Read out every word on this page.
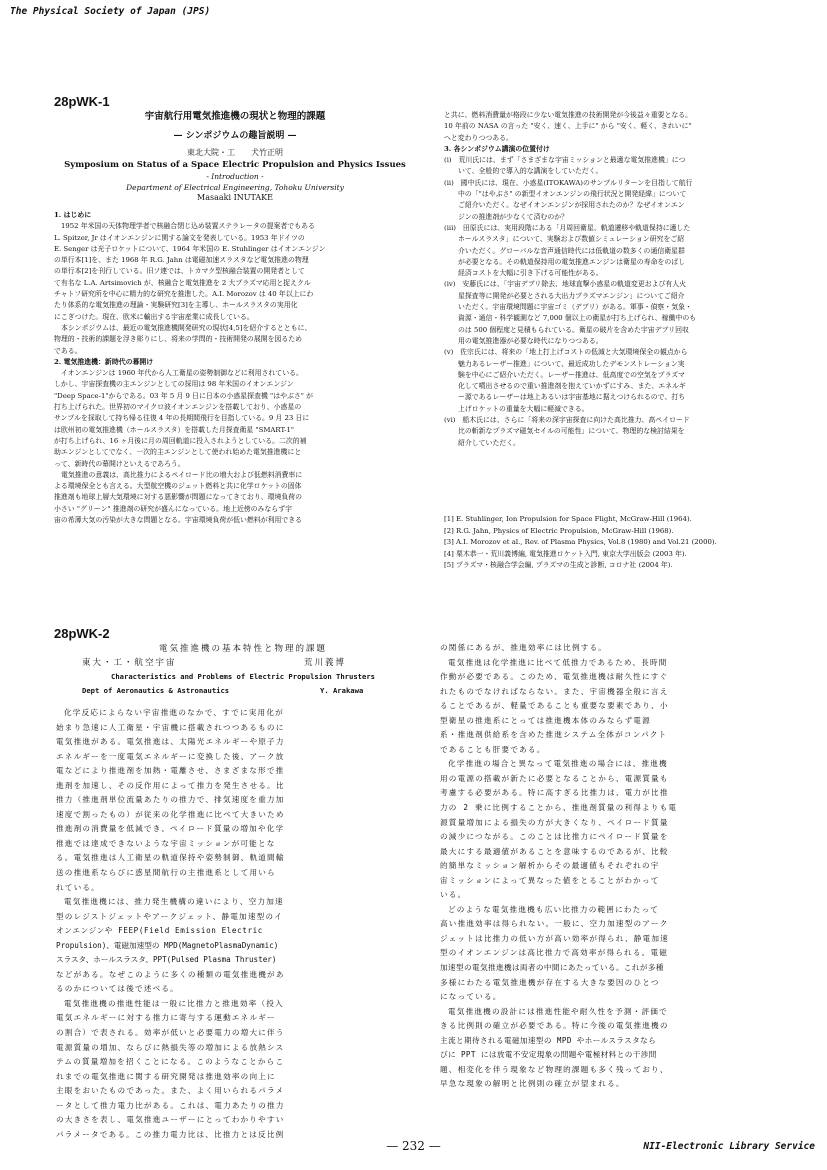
The Physical Society of Japan (JPS)
28pWK-1
宇宙航行用電気推進機の現状と物理的課題
— シンポジウムの趣旨説明 —
東北大院・工　　犬竹正明
Symposium on Status of a Space Electric Propulsion and Physics Issues
- Introduction -
Department of Electrical Engineering, Tohoku University
Masaaki INUTAKE
1. はじめに
1952 年米国の天体物理学者で核融合閉じ込め装置ステラレータの提案者でもある
L. Spitzer, Jr はイオンエンジンに関する論文を発表している。1953 年ドイツの
E. Senger は光子ロケットについて、1964 年米国の E. Stuhlinger はイオンエンジン
の単行本[1]を、また 1968 年 R.G. Jahn は電磁加速スラスタなど電気推進の物理
の単行本[2]を刊行している。旧ソ連では、トカマク型核融合装置の開発者として
て有名な L.A. Artsimovich が、核融合と電気推進を 2 大プラズマ応用と捉えクル
チャトフ研究所を中心に精力的な研究を推進した。A.I. Morozov は 40 年以上にわ
たり体系的な電気推進の理論・実験研究[3]を主導し、ホールスラスタの実用化
にこぎつけた。現在、欧米に輸出する宇宙産業に成長している。
本シンポジウムは、最近の電気推進機開発研究の現状[4,5]を紹介するとともに、
物理的・技術的課題を浮き彫りにし、将来の学問的・技術開発の展開を図るため
である。
2. 電気推進機：新時代の幕開け
イオンエンジンは 1960 年代から人工衛星の姿勢制御などに利用されている。
しかし、宇宙探査機の主エンジンとしての採用は 98 年米国のイオンエンジン
"Deep Space-1"からである。03 年 5 月 9 日に日本の小惑星探査機 "はやぶさ" が
打ち上げられた。世界初のマイクロ波イオンエンジンを搭載しており、小惑星の
サンプルを採取して持ち帰る往復 4 年の長期間飛行を目指している。9 月 23 日に
は欧州初の電気推進機（ホールスラスタ）を搭載した月探査衛星 "SMART-1"
が打ち上げられ、16 ヶ月後に月の周回軌道に投入されようとしている。二次的補
助エンジンとしてでなく、一次的主エンジンとして使われ始めた電気推進機にと
って、新時代の幕開けといえるであろう。
電気推進の意義は、高比推力によるペイロード比の増大および低燃料消費率に
よる環境保全とも言える。大型航空機のジェット燃料と共に化学ロケットの固体
推進剤も地球上層大気環境に対する悪影響が問題になってきており、環境負荷の
小さい "グリーン" 推進剤の研究が盛んになっている。地上近傍のみならず宇
宙の希薄大気の汚染が大きな問題となる。宇宙環境負荷が低い燃料が利用できる
と共に、燃料消費量が格段に少ない電気推進の技術開発が今後益々重要となる。
10 年前の NASA の言った "安く、速く、上手に" から "安く、軽く、きれいに"
へと変わりつつある。
3. 各シンポジウム講演の位置付け
(i)　荒川氏には、まず「さまざまな宇宙ミッションと最適な電気推進機」につ
いて、全般的で導入的な講演をしていただく。
(ii)　國中氏には、現在、小惑星(ITOKAWA)のサンプルリターンを目指して航行
中の「"はやぶさ" の新型イオンエンジンの飛行状況と開発経緯」について
ご紹介いただく。なぜイオンエンジンが採用されたのか？なぜイオンエン
ジンの推進剤が少なくて済むのか？
(iii)　田原氏には、実用段階にある「月周回衛星、軌道遷移や軌道保持に適した
ホールスラスタ」について、実験および数値シミュレーション研究をご紹
介いただく。グローバルな音声通信時代には低軌道の数多くの通信衛星群
が必要となる。その軌道保持用の電気推進エンジンは衛星の寿命をのばし
経済コストを大幅に引き下げる可能性がある。
(iv)　安藤氏には、「宇宙デブリ除去、地球直撃小惑星の軌道変更および有人火
星探査等に開発が必要とされる大出力プラズマエンジン」についてご紹介
いただく。宇宙環境問題に宇宙ゴミ（デブリ）がある。軍事・偵察・気象・
資源・通信・科学観測など 7,000 個以上の衛星が打ち上げられ、稼働中のも
のは 500 個程度と見積もられている。衛星の破片を含めた宇宙デブリ回収
用の電気推進器が必要な時代になりつつある。
(v)　佐宗氏には、将来の「地上打上げコストの低減と大気環境保全の観点から
魅力あるレーザー推進」について、最近成功したデモンストレーション実
験を中心にご紹介いただく。レーザー推進は、低高度での空気をプラズマ
化して噴出させるので重い推進剤を抱えていかずにすみ、また、エネルギ
ー源であるレーザーは地上あるいは宇宙基地に据えつけられるので、打ち
上げロケットの重量を大幅に軽減できる。
(vi)　船木氏には、さらに「将来の深宇宙探査に向けた高比推力、高ペイロード
比の斬新なプラズマ磁気セイルの可能性」について、物理的な検討結果を
紹介していただく。
[1] E. Stuhlinger, Ion Propulsion for Space Flight, McGraw-Hill (1964).
[2] R.G. Jahn, Physics of Electric Propulsion, McGraw-Hill (1968).
[3] A.I. Morozov et al., Rev. of Plasma Physics, Vol.8 (1980) and Vol.21 (2000).
[4] 栗木恭一・荒川義博編, 電気推進ロケット入門, 東京大学出版会 (2003 年).
[5] プラズマ・核融合学会編, プラズマの生成と診断, コロナ社 (2004 年).
28pWK-2
電気推進機の基本特性と物理的課題
東大・工・航空宇宙	荒川義博
Characteristics and Problems of Electric Propulsion Thrusters
Dept of Aeronautics & Astronautics	Y. Arakawa
化学反応によらない宇宙推進のなかで、すでに実用化が
始まり急速に人工衛星・宇宙機に搭載されつつあるものに
電気推進がある。電気推進は、太陽光エネルギーや原子力
エネルギーを一度電気エネルギーに変換した後、アーク放
電などにより推進剤を加熱・電離させ、さまざまな形で推
進剤を加速し、その反作用によって推力を発生させる。比
推力（推進剤単位流量あたりの推力で、排気速度を重力加
速度で割ったもの）が従来の化学推進に比べて大きいため
推進剤の消費量を低減でき、ペイロード質量の増加や化学
推進では達成できないような宇宙ミッションが可能とな
る。電気推進は人工衛星の軌道保持や姿勢制御、軌道間輸
送の推進系ならびに惑星間航行の主推進系として用いら
れている。
電気推進機には、推力発生機構の違いにより、空力加速
型のレジストジェットやアークジェット、静電加速型のイ
オンエンジンや FEEP(Field Emission Electric
Propulsion)、電磁加速型の MPD(MagnetoPlasmaDynamic)
スラスタ、ホールスラスタ、PPT(Pulsed Plasma Thruster)
などがある。なぜこのように多くの種類の電気推進機があ
るのかについては後で述べる。
電気推進機の推進性能は一般に比推力と推進効率（投入
電気エネルギーに対する推力に寄与する運動エネルギー
の割合）で表される。効率が低いと必要電力の増大に伴う
電源質量の増加、ならびに熱損失等の増加による放熱シス
テムの質量増加を招くことになる。このようなことからこ
れまでの電気推進に関する研究開発は推進効率の向上に
主眼をおいたものであった。また、よく用いられるパラメ
ータとして推力電力比がある。これは、電力あたりの推力
の大きさを表し、電気推進ユーザーにとってわかりやすい
パラメータである。この推力電力比は、比推力とは反比例
の関係にあるが、推進効率には比例する。
電気推進は化学推進に比べて低推力であるため、長時間
作動が必要である。このため、電気推進機は耐久性にすぐ
れたものでなければならない。また、宇宙機器全般に言え
ることであるが、軽量であることも重要な要素であり、小
型衛星の推進系にとっては推進機本体のみならず電源
系・推進剤供給系を含めた推進システム全体がコンパクト
であることも肝要である。
化学推進の場合と異なって電気推進の場合には、推進機
用の電源の搭載が新たに必要となることから、電源質量も
考慮する必要がある。特に高すぎる比推力は、電力が比推
力の 2 乗に比例することから、推進剤質量の利得よりも電
源質量増加による損失の方が大きくなり、ペイロード質量
の減少につながる。このことは比推力にペイロード質量を
最大にする最適値があることを意味するのであるが、比較
的簡単なミッション解析からその最適値もそれぞれの宇
宙ミッションによって異なった値をとることがわかって
いる。
どのような電気推進機も広い比推力の範囲にわたって
高い推進効率は得られない。一般に、空力加速型のアーク
ジェットは比推力の低い方が高い効率が得られ、静電加速
型のイオンエンジンは高比推力で高効率が得られる。電磁
加速型の電気推進機は両者の中間にあたっている。これが多種
多様にわたる電気推進機が存在する大きな要因のひとつ
になっている。
電気推進機の設計には推進性能や耐久性を予測・評価で
きる比例則の確立が必要である。特に今後の電気推進機の
主流と期待される電磁加速型の MPD やホールスラスタなら
びに PPT には放電不安定現象の問題や電極材料との干渉問
題、相変化を伴う現象など物理的課題も多く残っており、
早急な現象の解明と比例則の確立が望まれる。
— 232 —	NII-Electronic Library Service
